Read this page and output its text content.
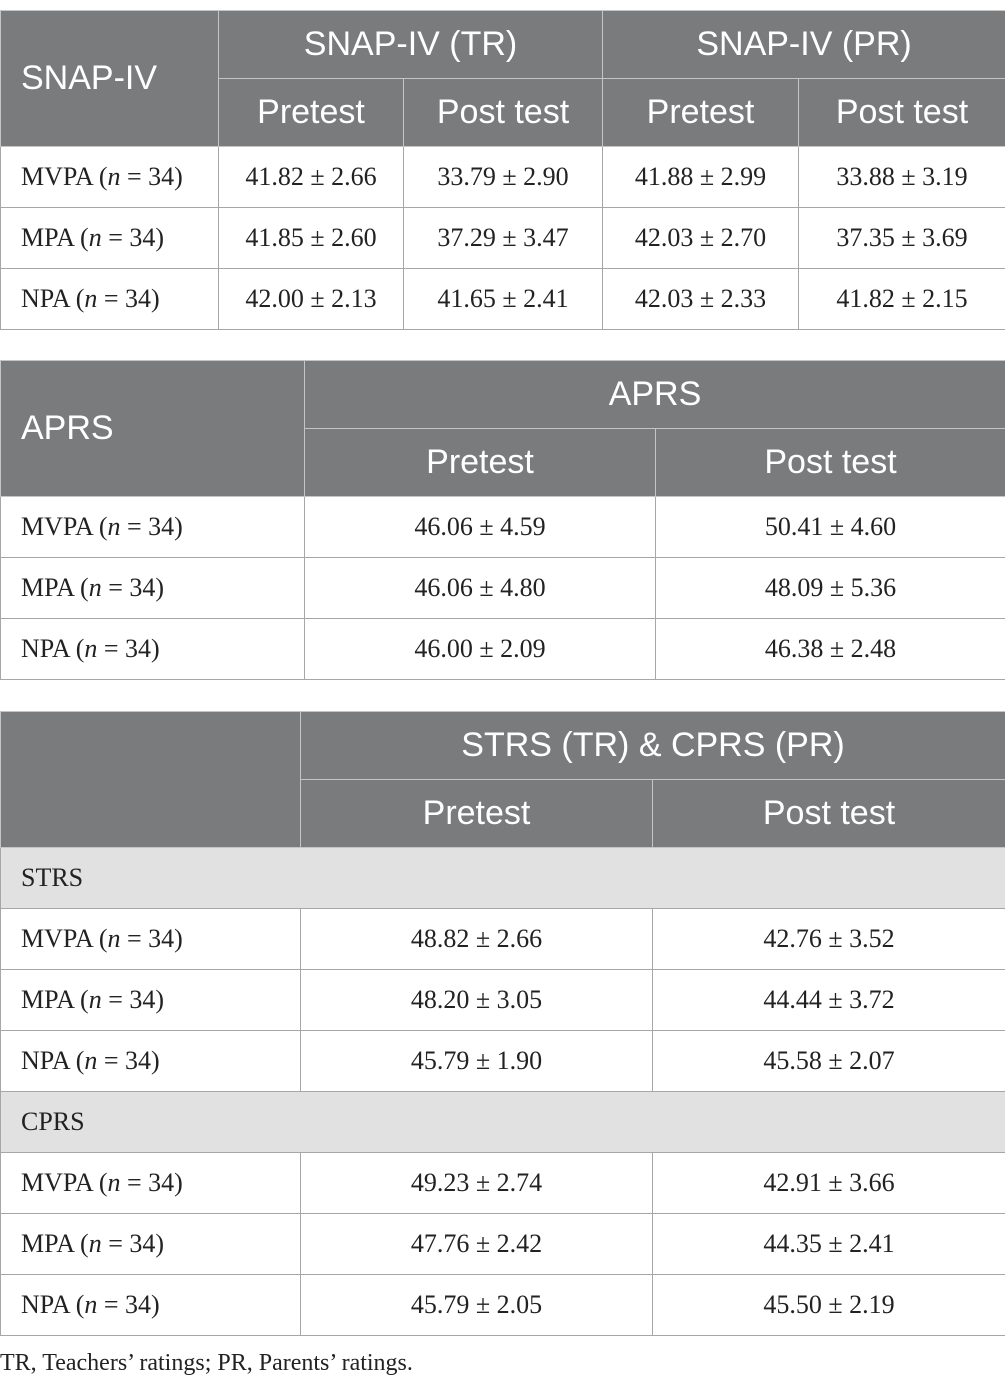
SNAP-IV	SNAP-IV (TR)		SNAP-IV (PR)	
	Pretest	Post test	Pretest	Post test
MVPA (n = 34)	41.82 ± 2.66	33.79 ± 2.90	41.88 ± 2.99	33.88 ± 3.19
MPA (n = 34)	41.85 ± 2.60	37.29 ± 3.47	42.03 ± 2.70	37.35 ± 3.69
NPA (n = 34)	42.00 ± 2.13	41.65 ± 2.41	42.03 ± 2.33	41.82 ± 2.15
APRS	APRS	
	Pretest	Post test
MVPA (n = 34)	46.06 ± 4.59	50.41 ± 4.60
MPA (n = 34)	46.06 ± 4.80	48.09 ± 5.36
NPA (n = 34)	46.00 ± 2.09	46.38 ± 2.48
	STRS (TR) & CPRS (PR)	
	Pretest	Post test
STRS		
MVPA (n = 34)	48.82 ± 2.66	42.76 ± 3.52
MPA (n = 34)	48.20 ± 3.05	44.44 ± 3.72
NPA (n = 34)	45.79 ± 1.90	45.58 ± 2.07
CPRS		
MVPA (n = 34)	49.23 ± 2.74	42.91 ± 3.66
MPA (n = 34)	47.76 ± 2.42	44.35 ± 2.41
NPA (n = 34)	45.79 ± 2.05	45.50 ± 2.19
TR, Teachers’ ratings; PR, Parents’ ratings.
